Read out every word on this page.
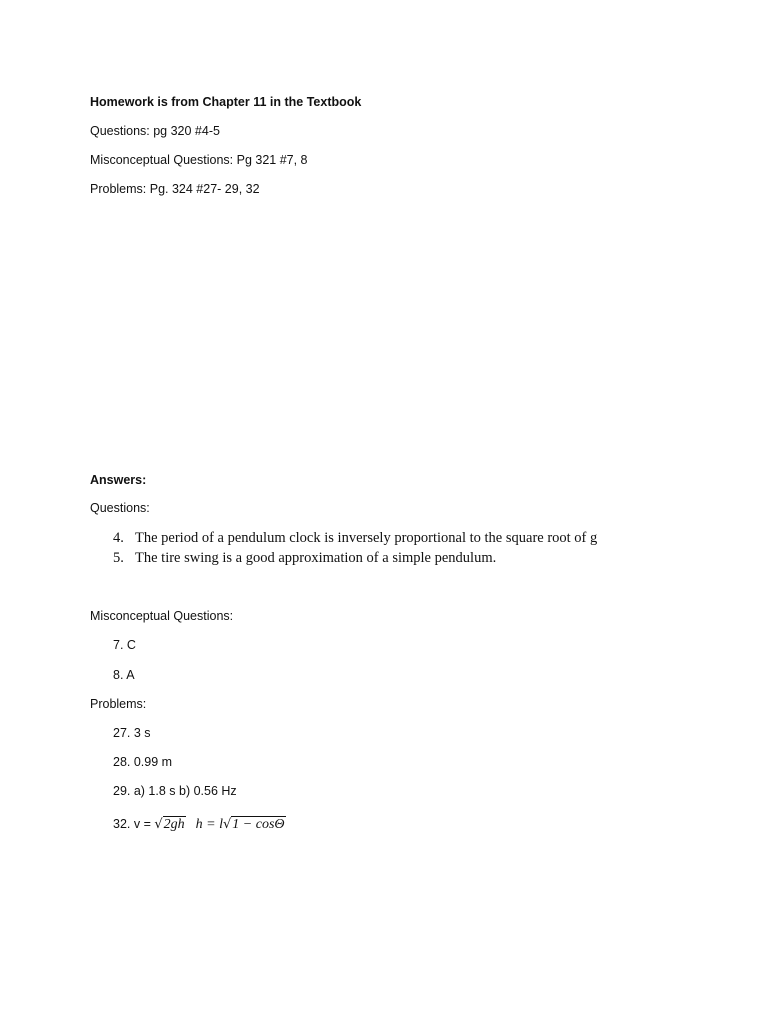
Homework is from Chapter 11 in the Textbook
Questions: pg 320 #4-5
Misconceptual Questions: Pg 321 #7, 8
Problems: Pg. 324 #27- 29, 32
Answers:
Questions:
4. The period of a pendulum clock is inversely proportional to the square root of g
5. The tire swing is a good approximation of a simple pendulum.
Misconceptual Questions:
7. C
8. A
Problems:
27. 3 s
28. 0.99 m
29. a) 1.8 s b) 0.56 Hz
32. v = √2gh h = l√1 − cosΘ
